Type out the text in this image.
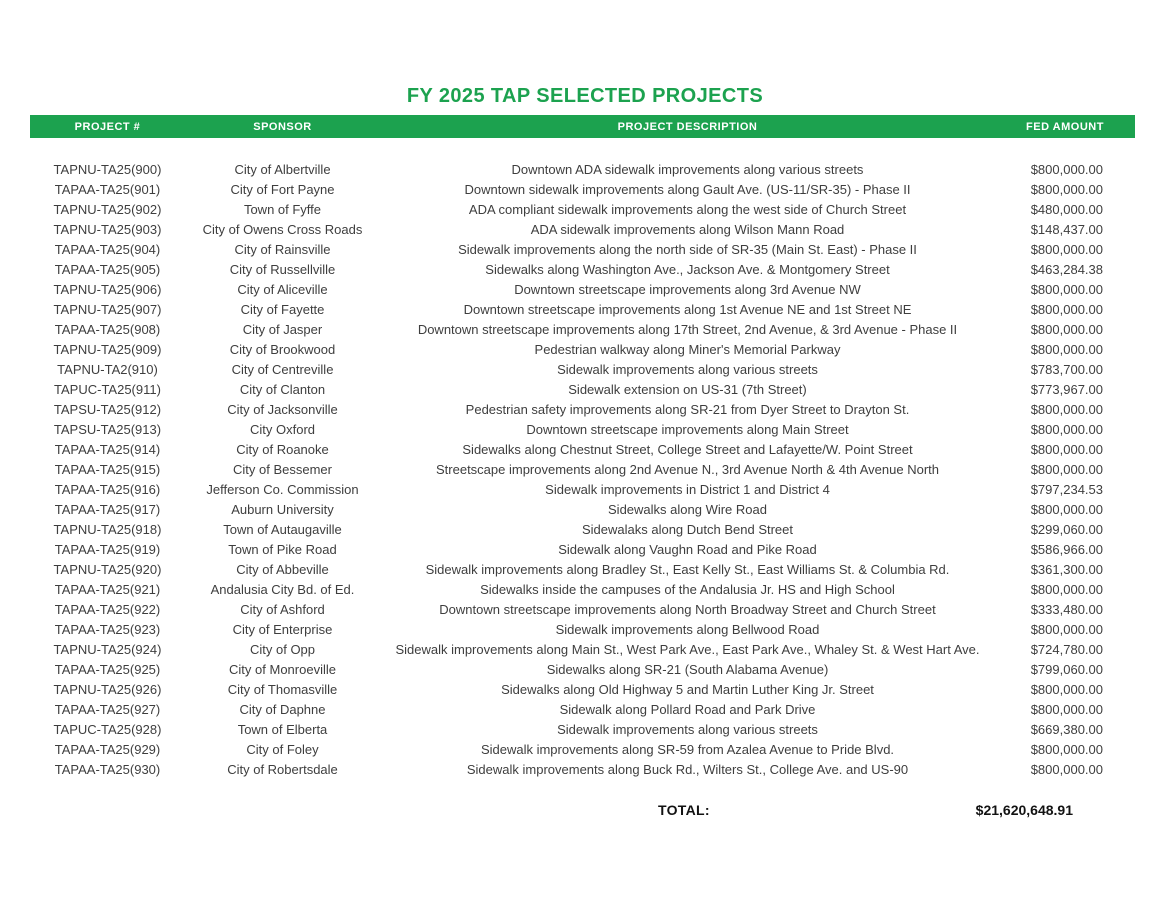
FY 2025 TAP SELECTED PROJECTS
PROJECT #	SPONSOR	PROJECT DESCRIPTION	FED AMOUNT

TAPNU-TA25(900)	City of Albertville	Downtown ADA sidewalk improvements along various streets	$800,000.00
TAPAA-TA25(901)	City of Fort Payne	Downtown sidewalk improvements along Gault Ave. (US-11/SR-35) - Phase II	$800,000.00
TAPNU-TA25(902)	Town of Fyffe	ADA compliant sidewalk improvements along the west side of Church Street	$480,000.00
TAPNU-TA25(903)	City of Owens Cross Roads	ADA sidewalk improvements along Wilson Mann Road	$148,437.00
TAPAA-TA25(904)	City of Rainsville	Sidewalk improvements along the north side of SR-35 (Main St. East) - Phase II	$800,000.00
TAPAA-TA25(905)	City of Russellville	Sidewalks along Washington Ave., Jackson Ave. & Montgomery Street	$463,284.38
TAPNU-TA25(906)	City of Aliceville	Downtown streetscape improvements along 3rd Avenue NW	$800,000.00
TAPNU-TA25(907)	City of Fayette	Downtown streetscape improvements along 1st Avenue NE and 1st Street NE	$800,000.00
TAPAA-TA25(908)	City of Jasper	Downtown streetscape improvements along 17th Street, 2nd Avenue, & 3rd Avenue - Phase II	$800,000.00
TAPNU-TA25(909)	City of Brookwood	Pedestrian walkway along Miner's Memorial Parkway	$800,000.00
TAPNU-TA2(910)	City of Centreville	Sidewalk improvements along various streets	$783,700.00
TAPUC-TA25(911)	City of Clanton	Sidewalk extension on US-31 (7th Street)	$773,967.00
TAPSU-TA25(912)	City of Jacksonville	Pedestrian safety improvements along SR-21 from Dyer Street to Drayton St.	$800,000.00
TAPSU-TA25(913)	City Oxford	Downtown streetscape improvements along Main Street	$800,000.00
TAPAA-TA25(914)	City of Roanoke	Sidewalks along Chestnut Street, College Street and Lafayette/W. Point Street	$800,000.00
TAPAA-TA25(915)	City of Bessemer	Streetscape improvements along 2nd Avenue N., 3rd Avenue North & 4th Avenue North	$800,000.00
TAPAA-TA25(916)	Jefferson Co. Commission	Sidewalk improvements in District 1 and District 4	$797,234.53
TAPAA-TA25(917)	Auburn University	Sidewalks along Wire Road	$800,000.00
TAPNU-TA25(918)	Town of Autaugaville	Sidewalaks along Dutch Bend Street	$299,060.00
TAPAA-TA25(919)	Town of Pike Road	Sidewalk along Vaughn Road and Pike Road	$586,966.00
TAPNU-TA25(920)	City of Abbeville	Sidewalk improvements along Bradley St., East Kelly St., East Williams St. & Columbia Rd.	$361,300.00
TAPAA-TA25(921)	Andalusia City Bd. of Ed.	Sidewalks inside the campuses of the Andalusia Jr. HS and High School	$800,000.00
TAPAA-TA25(922)	City of Ashford	Downtown streetscape improvements along North Broadway Street and Church Street	$333,480.00
TAPAA-TA25(923)	City of Enterprise	Sidewalk improvements along Bellwood Road	$800,000.00
TAPNU-TA25(924)	City of Opp	Sidewalk improvements along Main St., West Park Ave., East Park Ave., Whaley St. & West Hart Ave.	$724,780.00
TAPAA-TA25(925)	City of Monroeville	Sidewalks along SR-21 (South Alabama Avenue)	$799,060.00
TAPNU-TA25(926)	City of Thomasville	Sidewalks along Old Highway 5 and Martin Luther King Jr. Street	$800,000.00
TAPAA-TA25(927)	City of Daphne	Sidewalk along Pollard Road and Park Drive	$800,000.00
TAPUC-TA25(928)	Town of Elberta	Sidewalk improvements along various streets	$669,380.00
TAPAA-TA25(929)	City of Foley	Sidewalk improvements along SR-59 from Azalea Avenue to Pride Blvd.	$800,000.00
TAPAA-TA25(930)	City of Robertsdale	Sidewalk improvements along Buck Rd., Wilters St., College Ave. and US-90	$800,000.00
TOTAL:	$21,620,648.91
